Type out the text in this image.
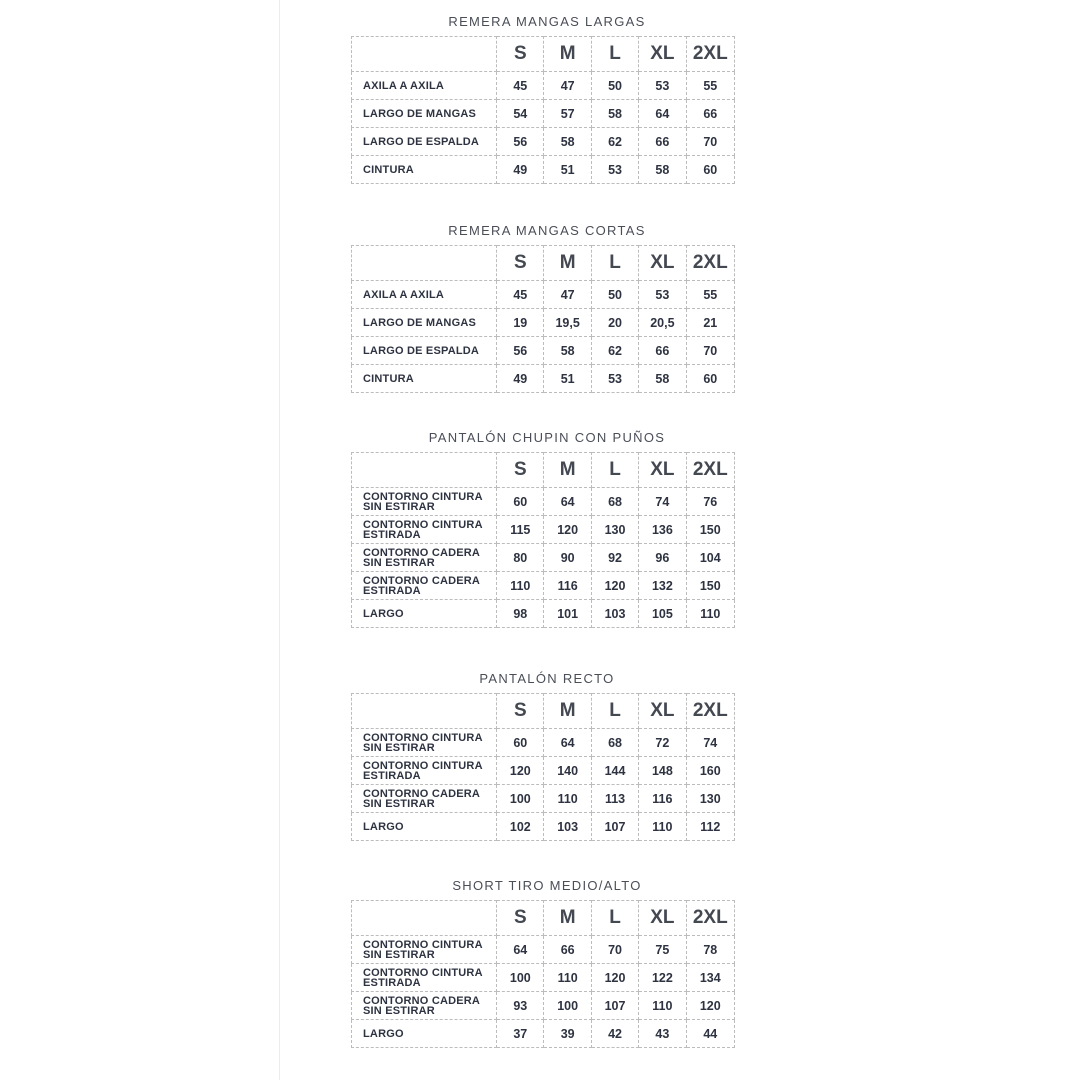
REMERA MANGAS LARGAS
	S	M	L	XL	2XL
AXILA A AXILA	45	47	50	53	55
LARGO DE MANGAS	54	57	58	64	66
LARGO DE ESPALDA	56	58	62	66	70
CINTURA	49	51	53	58	60
REMERA MANGAS CORTAS
	S	M	L	XL	2XL
AXILA A AXILA	45	47	50	53	55
LARGO DE MANGAS	19	19,5	20	20,5	21
LARGO DE ESPALDA	56	58	62	66	70
CINTURA	49	51	53	58	60
PANTALÓN CHUPIN CON PUÑOS
	S	M	L	XL	2XL
CONTORNO CINTURA SIN ESTIRAR	60	64	68	74	76
CONTORNO CINTURA ESTIRADA	115	120	130	136	150
CONTORNO CADERA SIN ESTIRAR	80	90	92	96	104
CONTORNO CADERA ESTIRADA	110	116	120	132	150
LARGO	98	101	103	105	110
PANTALÓN RECTO
	S	M	L	XL	2XL
CONTORNO CINTURA SIN ESTIRAR	60	64	68	72	74
CONTORNO CINTURA ESTIRADA	120	140	144	148	160
CONTORNO CADERA SIN ESTIRAR	100	110	113	116	130
LARGO	102	103	107	110	112
SHORT TIRO MEDIO/ALTO
	S	M	L	XL	2XL
CONTORNO CINTURA SIN ESTIRAR	64	66	70	75	78
CONTORNO CINTURA ESTIRADA	100	110	120	122	134
CONTORNO CADERA SIN ESTIRAR	93	100	107	110	120
LARGO	37	39	42	43	44
